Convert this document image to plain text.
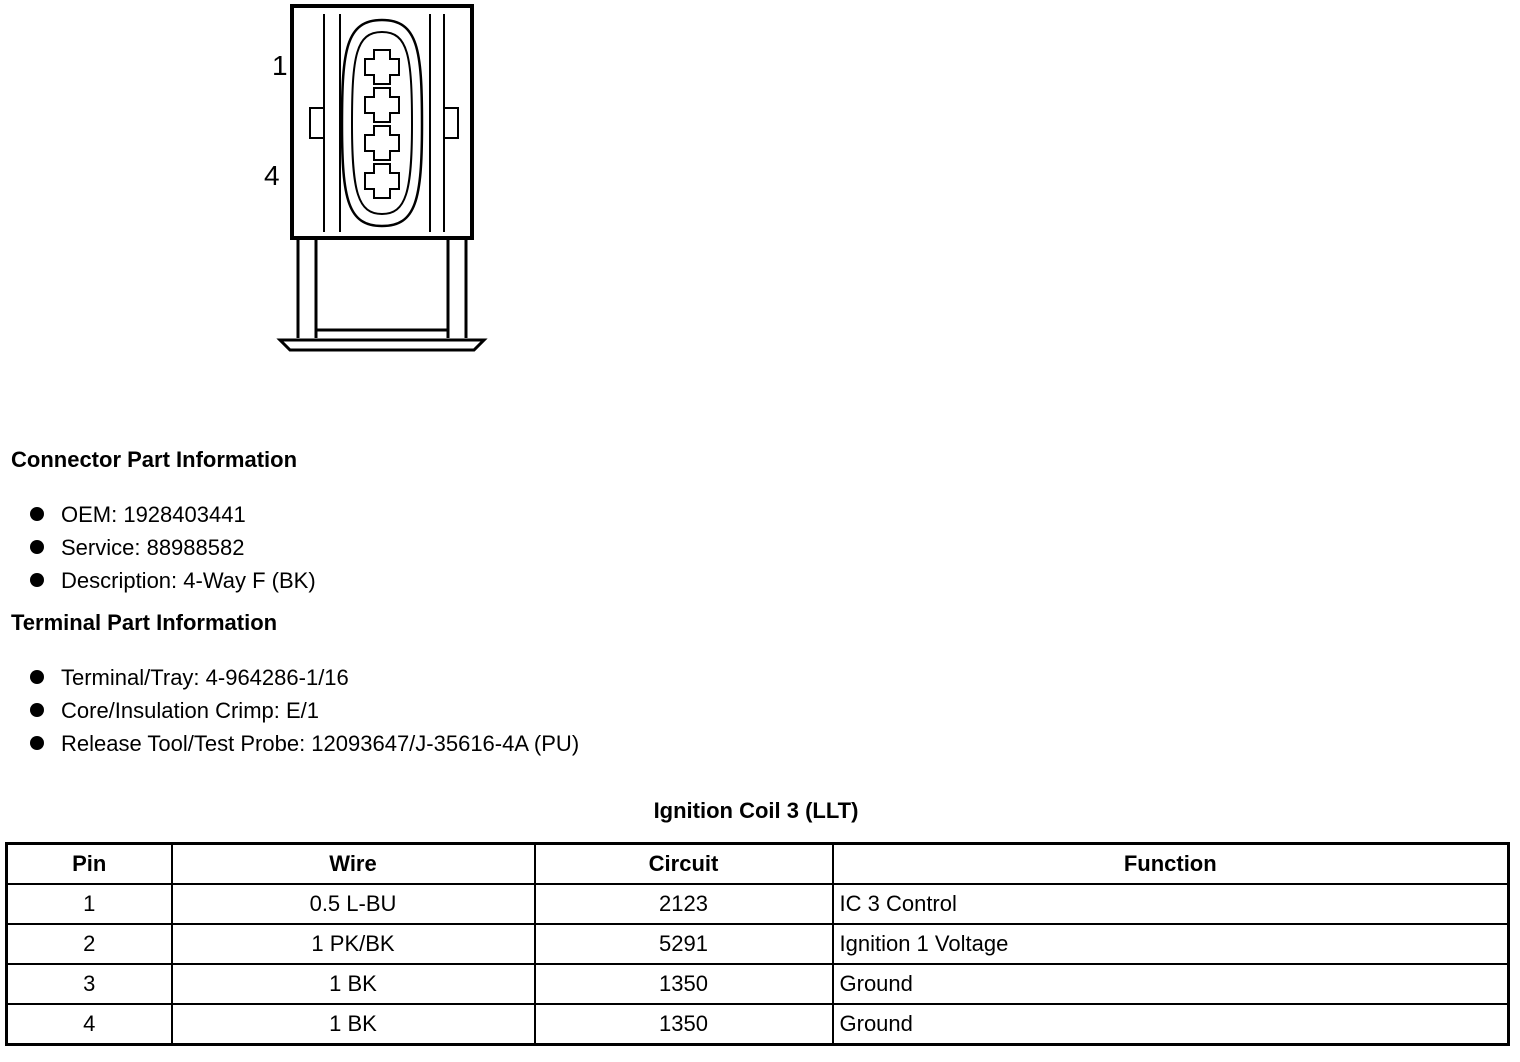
1
4
Connector Part Information
OEM: 1928403441
Service: 88988582
Description: 4-Way F (BK)
Terminal Part Information
Terminal/Tray: 4-964286-1/16
Core/Insulation Crimp: E/1
Release Tool/Test Probe: 12093647/J-35616-4A (PU)
Ignition Coil 3 (LLT)
Pin	Wire	Circuit	Function
1	0.5 L-BU	2123	IC 3 Control
2	1 PK/BK	5291	Ignition 1 Voltage
3	1 BK	1350	Ground
4	1 BK	1350	Ground
